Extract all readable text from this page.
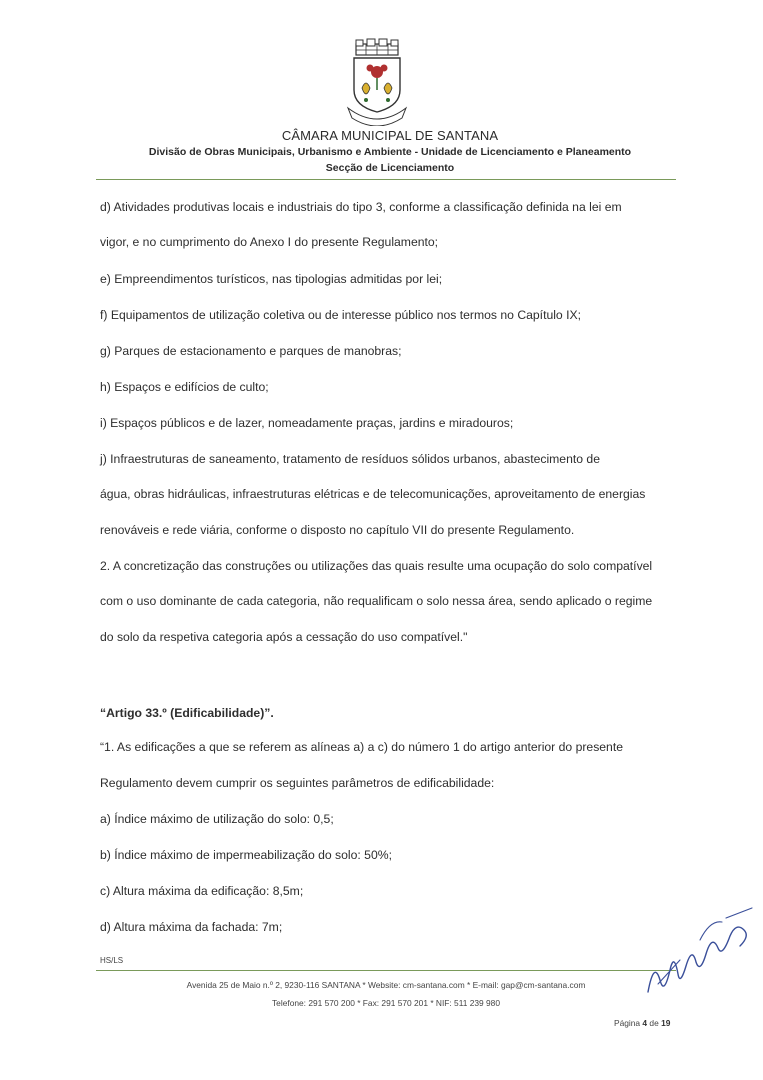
CÂMARA MUNICIPAL DE SANTANA
Divisão de Obras Municipais, Urbanismo e Ambiente - Unidade de Licenciamento e Planeamento
Secção de Licenciamento
d) Atividades produtivas locais e industriais do tipo 3, conforme a classificação definida na lei em
vigor, e no cumprimento do Anexo I do presente Regulamento;
e) Empreendimentos turísticos, nas tipologias admitidas por lei;
f) Equipamentos de utilização coletiva ou de interesse público nos termos no Capítulo IX;
g) Parques de estacionamento e parques de manobras;
h) Espaços e edifícios de culto;
i) Espaços públicos e de lazer, nomeadamente praças, jardins e miradouros;
j) Infraestruturas de saneamento, tratamento de resíduos sólidos urbanos, abastecimento de
água, obras hidráulicas, infraestruturas elétricas e de telecomunicações, aproveitamento de energias
renováveis e rede viária, conforme o disposto no capítulo VII do presente Regulamento.
2. A concretização das construções ou utilizações das quais resulte uma ocupação do solo compatível
com o uso dominante de cada categoria, não requalificam o solo nessa área, sendo aplicado o regime
do solo da respetiva categoria após a cessação do uso compatível."
“Artigo 33.º (Edificabilidade)”.
“1. As edificações a que se referem as alíneas a) a c) do número 1 do artigo anterior do presente
Regulamento devem cumprir os seguintes parâmetros de edificabilidade:
a) Índice máximo de utilização do solo: 0,5;
b) Índice máximo de impermeabilização do solo: 50%;
c) Altura máxima da edificação: 8,5m;
d) Altura máxima da fachada: 7m;
HS/LS
Avenida 25 de Maio n.º 2, 9230-116 SANTANA * Website: cm-santana.com * E-mail: gap@cm-santana.com
Telefone: 291 570 200 * Fax: 291 570 201 * NIF: 511 239 980
Página 4 de 19
